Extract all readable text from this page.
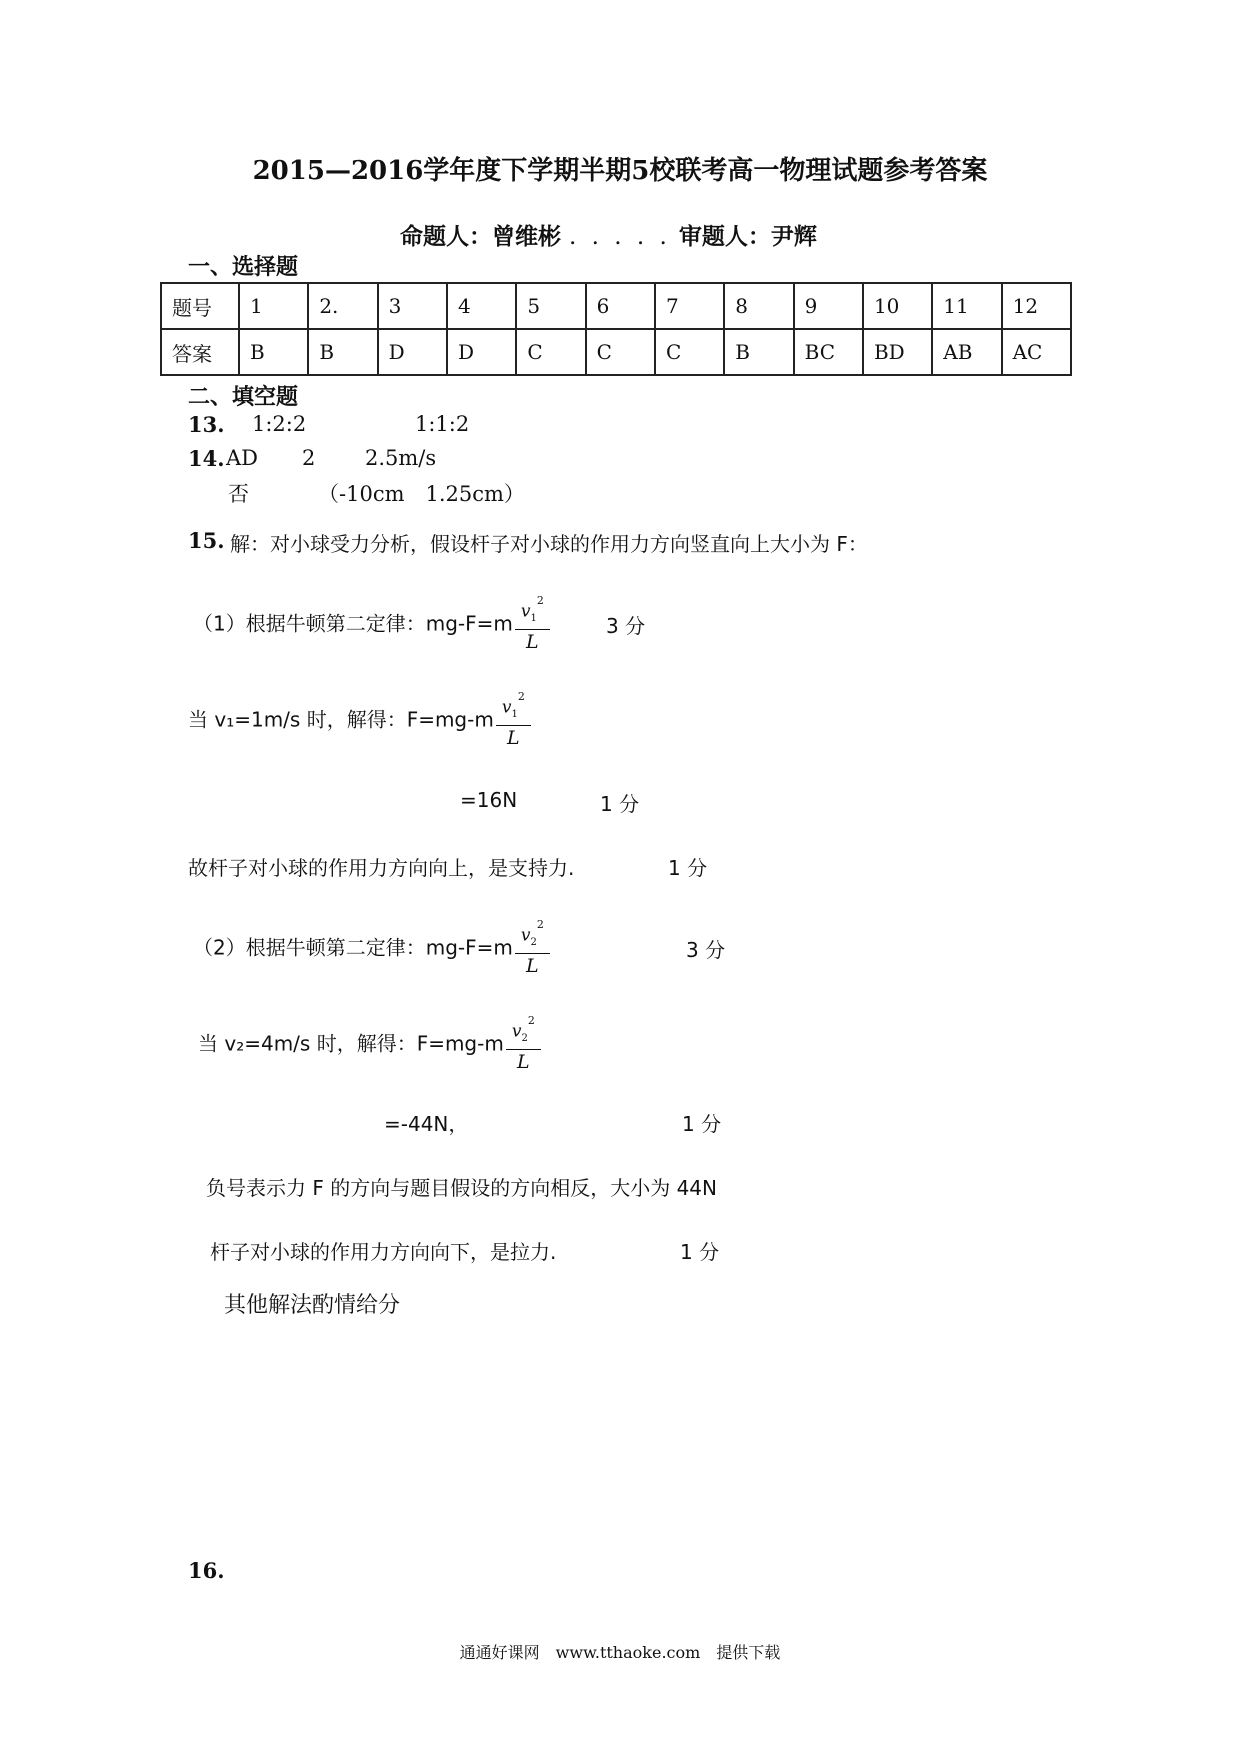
2015—2016学年度下学期半期5校联考高一物理试题参考答案
命题人：曾维彬 . . . . . 审题人：尹辉
一、选择题
题号	1	2.	3	4	5	6	7	8	9	10	11	12
答案	B	B	D	D	C	C	C	B	BC	BD	AB	AC
二、填空题
13. 1:2:2	1:1:2
14. AD 2 2.5m/s
否	（-10cm　1.25cm）
15. 解：对小球受力分析，假设杆子对小球的作用力方向竖直向上大小为 F：
（1）根据牛顿第二定律：$mg-F=m \frac{v_1^2}{L}$	3 分
当 v₁=1m/s 时，解得：$F=mg-m \frac{v_1^2}{L}$
=16N	1 分
故杆子对小球的作用力方向向上，是支持力.	1 分
（2）根据牛顿第二定律：$mg-F=m \frac{v_2^2}{L}$	3 分
当 v₂=4m/s 时，解得：$F=mg-m \frac{v_2^2}{L}$
=-44N，	1 分
负号表示力 F 的方向与题目假设的方向相反，大小为 44N
杆子对小球的作用力方向向下，是拉力.	1 分
其他解法酌情给分
16.
通通好课网　www.tthaoke.com　提供下载
